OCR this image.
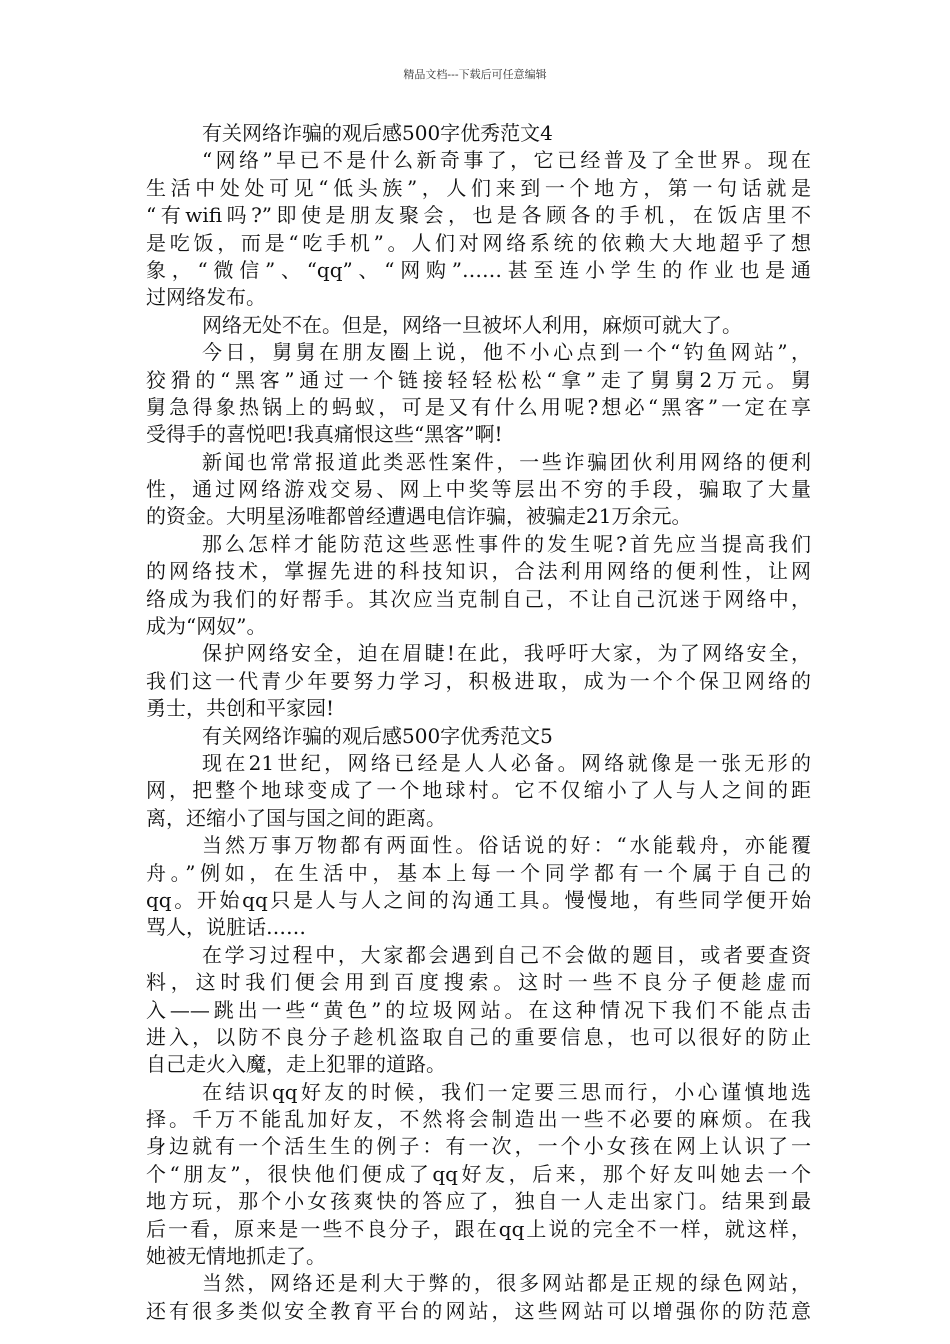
精品文档---下载后可任意编辑
有关网络诈骗的观后感500字优秀范文4
“网络”早已不是什么新奇事了，它已经普及了全世界。现在
生活中处处可见“低头族”，人们来到一个地方，第一句话就是
“有wifi吗?”即使是朋友聚会，也是各顾各的手机，在饭店里不
是吃饭，而是“吃手机”。人们对网络系统的依赖大大地超乎了想
象，“微信”、“qq”、“网购”……甚至连小学生的作业也是通
过网络发布。
网络无处不在。但是，网络一旦被坏人利用，麻烦可就大了。
今日，舅舅在朋友圈上说，他不小心点到一个“钓鱼网站”，
狡猾的“黑客”通过一个链接轻轻松松“拿”走了舅舅2万元。舅
舅急得象热锅上的蚂蚁，可是又有什么用呢?想必“黑客”一定在享
受得手的喜悦吧!我真痛恨这些“黑客”啊!
新闻也常常报道此类恶性案件，一些诈骗团伙利用网络的便利
性，通过网络游戏交易、网上中奖等层出不穷的手段，骗取了大量
的资金。大明星汤唯都曾经遭遇电信诈骗，被骗走21万余元。
那么怎样才能防范这些恶性事件的发生呢?首先应当提高我们
的网络技术，掌握先进的科技知识，合法利用网络的便利性，让网
络成为我们的好帮手。其次应当克制自己，不让自己沉迷于网络中，
成为“网奴”。
保护网络安全，迫在眉睫!在此，我呼吁大家，为了网络安全，
我们这一代青少年要努力学习，积极进取，成为一个个保卫网络的
勇士，共创和平家园!
有关网络诈骗的观后感500字优秀范文5
现在21世纪，网络已经是人人必备。网络就像是一张无形的
网，把整个地球变成了一个地球村。它不仅缩小了人与人之间的距
离，还缩小了国与国之间的距离。
当然万事万物都有两面性。俗话说的好：“水能载舟，亦能覆
舟。”例如，在生活中，基本上每一个同学都有一个属于自己的
qq。开始qq只是人与人之间的沟通工具。慢慢地，有些同学便开始
骂人，说脏话……
在学习过程中，大家都会遇到自己不会做的题目，或者要查资
料，这时我们便会用到百度搜索。这时一些不良分子便趁虚而
入——跳出一些“黄色”的垃圾网站。在这种情况下我们不能点击
进入，以防不良分子趁机盗取自己的重要信息，也可以很好的防止
自己走火入魔，走上犯罪的道路。
在结识qq好友的时候，我们一定要三思而行，小心谨慎地选
择。千万不能乱加好友，不然将会制造出一些不必要的麻烦。在我
身边就有一个活生生的例子：有一次，一个小女孩在网上认识了一
个“朋友”，很快他们便成了qq好友，后来，那个好友叫她去一个
地方玩，那个小女孩爽快的答应了，独自一人走出家门。结果到最
后一看，原来是一些不良分子，跟在qq上说的完全不一样，就这样，
她被无情地抓走了。
当然，网络还是利大于弊的，很多网站都是正规的绿色网站，
还有很多类似安全教育平台的网站，这些网站可以增强你的防范意
